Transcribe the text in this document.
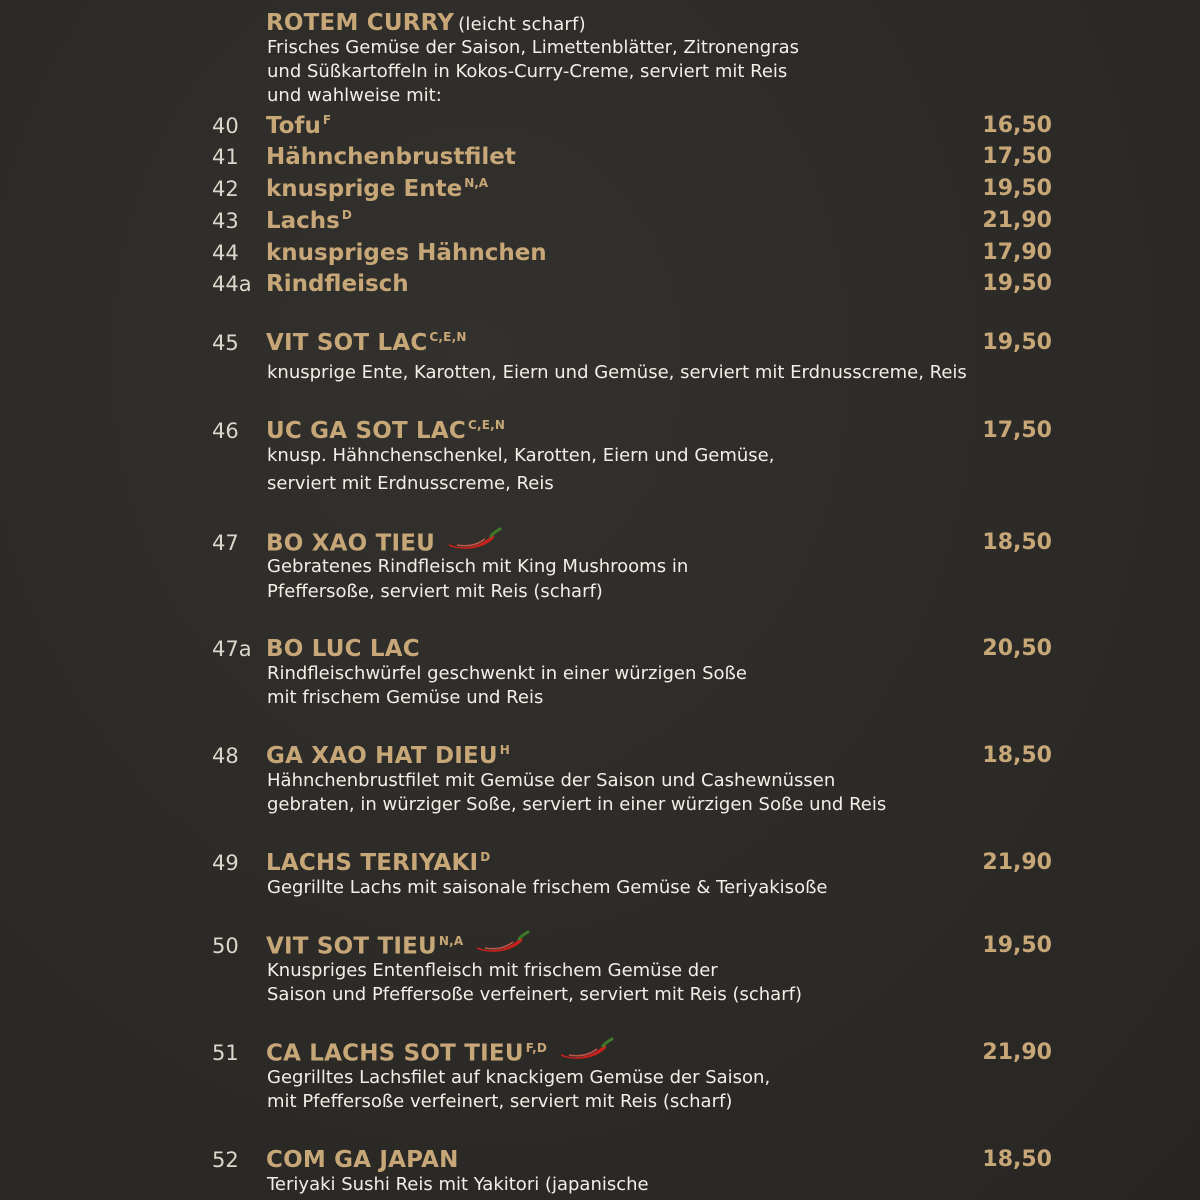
ROTEM CURRY (leicht scharf)
Frisches Gemüse der Saison, Limettenblätter, Zitronengras
und Süßkartoffeln in Kokos-Curry-Creme, serviert mit Reis
und wahlweise mit:
40 Tofu $^F$	16,50
41 Hähnchenbrustfilet	17,50
42 knusprige Ente $^{N,A}$	19,50
43 Lachs $^D$	21,90
44 knuspriges Hähnchen	17,90
44a Rindfleisch	19,50
45 VIT SOT LAC $^{C,E,N}$	19,50
knusprige Ente, Karotten, Eiern und Gemüse, serviert mit Erdnusscreme, Reis
46 UC GA SOT LAC $^{C,E,N}$	17,50
knusp. Hähnchenschenkel, Karotten, Eiern und Gemüse,
serviert mit Erdnusscreme, Reis
47 BO XAO TIEU	18,50
Gebratenes Rindfleisch mit King Mushrooms in
Pfeffersoße, serviert mit Reis (scharf)
47a BO LUC LAC	20,50
Rindfleischwürfel geschwenkt in einer würzigen Soße
mit frischem Gemüse und Reis
48 GA XAO HAT DIEU $^H$	18,50
Hähnchenbrustfilet mit Gemüse der Saison und Cashewnüssen
gebraten, in würziger Soße, serviert in einer würzigen Soße und Reis
49 LACHS TERIYAKI $^D$	21,90
Gegrillte Lachs mit saisonale frischem Gemüse & Teriyakisoße
50 VIT SOT TIEU $^{N,A}$	19,50
Knuspriges Entenfleisch mit frischem Gemüse der
Saison und Pfeffersoße verfeinert, serviert mit Reis (scharf)
51 CA LACHS SOT TIEU $^{F,D}$	21,90
Gegrilltes Lachsfilet auf knackigem Gemüse der Saison,
mit Pfeffersoße verfeinert, serviert mit Reis (scharf)
52 COM GA JAPAN	18,50
Teriyaki Sushi Reis mit Yakitori (japanische
